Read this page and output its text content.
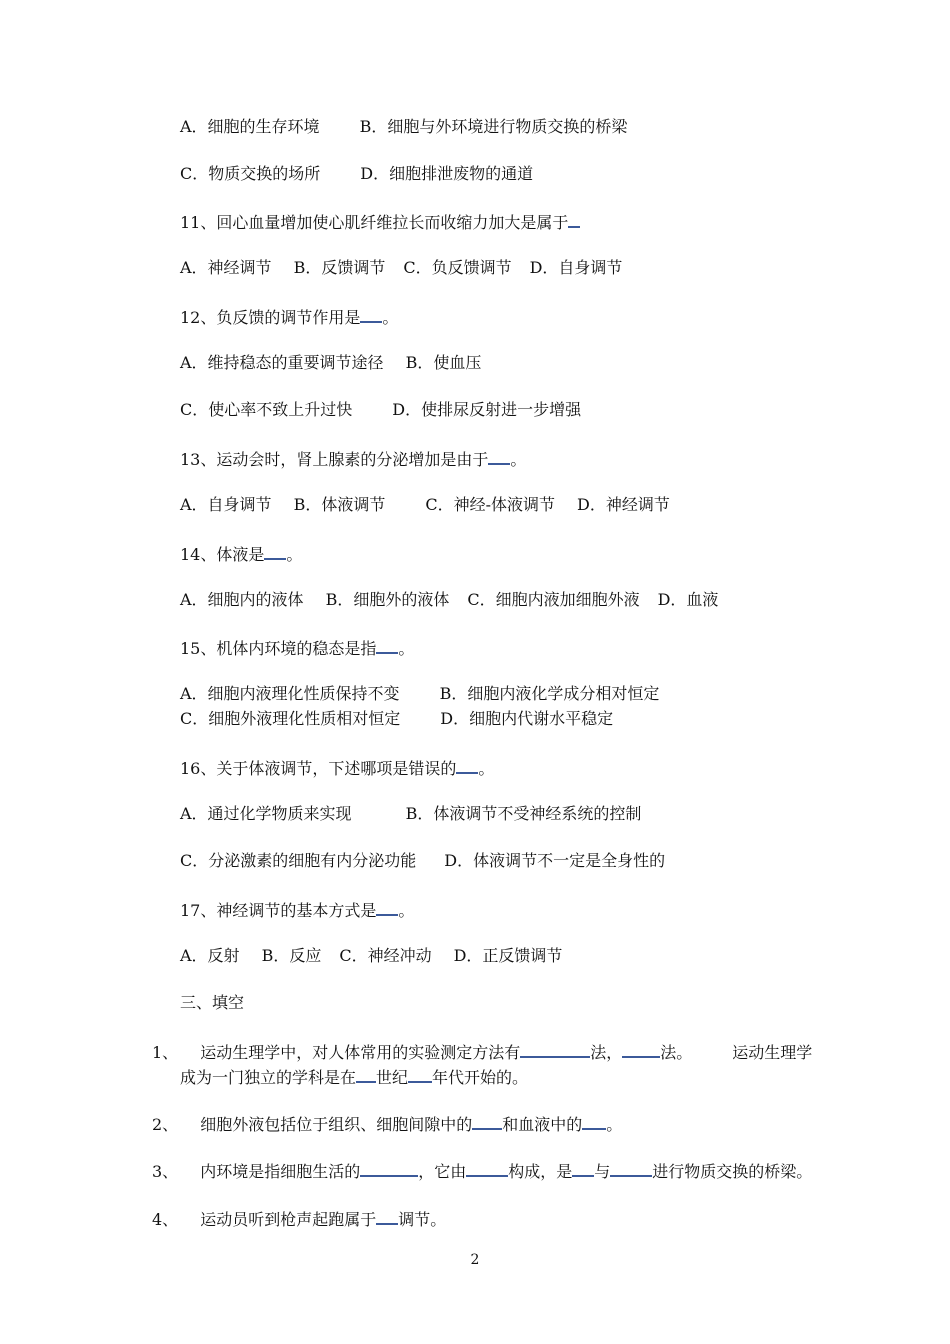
A．细胞的生存环境	B．细胞与外环境进行物质交换的桥梁
C．物质交换的场所	D．细胞排泄废物的通道
11、回心血量增加使心肌纤维拉长而收缩力加大是属于
A．神经调节 B．反馈调节 C．负反馈调节 D．自身调节
12、负反馈的调节作用是 。
A．维持稳态的重要调节途径 B．使血压
C．使心率不致上升过快	D．使排尿反射进一步增强
13、运动会时，肾上腺素的分泌增加是由于 。
A．自身调节 B．体液调节	C．神经-体液调节 D．神经调节
14、体液是 。
A．细胞内的液体 B．细胞外的液体 C．细胞内液加细胞外液 D．血液
15、机体内环境的稳态是指 。
A．细胞内液理化性质保持不变	B．细胞内液化学成分相对恒定
C．细胞外液理化性质相对恒定	D．细胞内代谢水平稳定
16、关于体液调节，下述哪项是错误的 。
A．通过化学物质来实现	B．体液调节不受神经系统的控制
C．分泌激素的细胞有内分泌功能 D．体液调节不一定是全身性的
17、神经调节的基本方式是 。
A．反射 B．反应 C．神经冲动 D．正反馈调节
三、填空
1、 运动生理学中，对人体常用的实验测定方法有	法， 法。	运动生理学
成为一门独立的学科是在 世纪 年代开始的。
2、 细胞外液包括位于组织、细胞间隙中的 和血液中的 。
3、 内环境是指细胞生活的	，它由	构成，是 与	进行物质交换的桥梁。
4、 运动员听到枪声起跑属于 调节。
2
